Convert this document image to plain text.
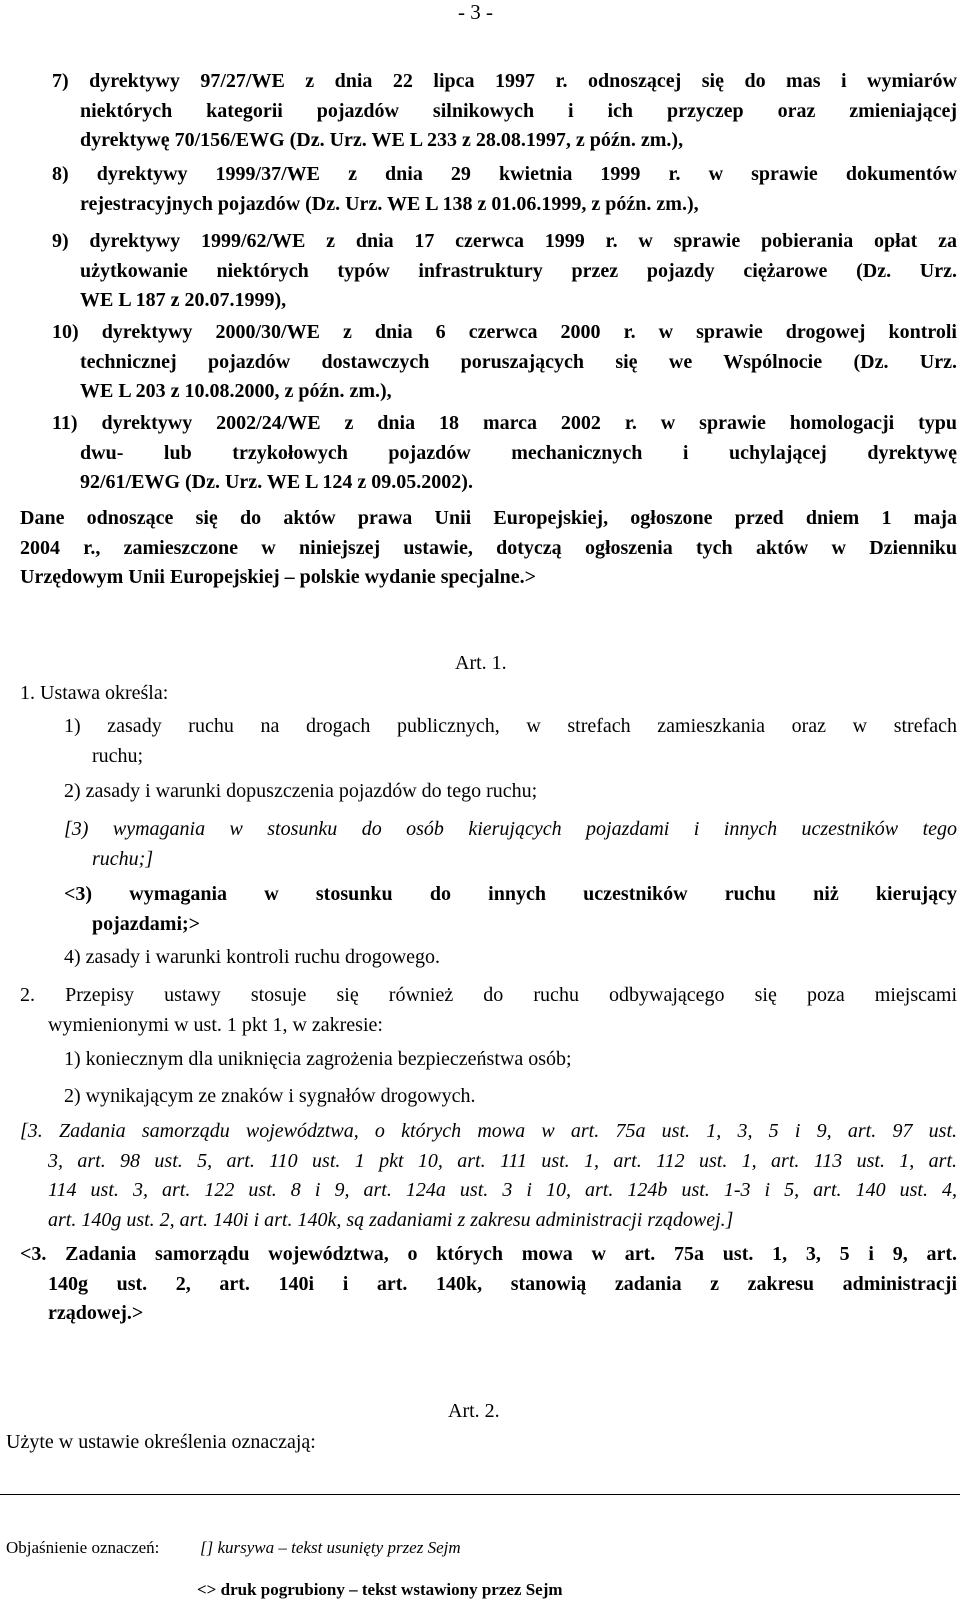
- 3 -
7) dyrektywy 97/27/WE z dnia 22 lipca 1997 r. odnoszącej się do mas i wymiarów
niektórych kategorii pojazdów silnikowych i ich przyczep oraz zmieniającej
dyrektywę 70/156/EWG (Dz. Urz. WE L 233 z 28.08.1997, z późn. zm.),
8) dyrektywy 1999/37/WE z dnia 29 kwietnia 1999 r. w sprawie dokumentów
rejestracyjnych pojazdów (Dz. Urz. WE L 138 z 01.06.1999, z późn. zm.),
9) dyrektywy 1999/62/WE z dnia 17 czerwca 1999 r. w sprawie pobierania opłat za
użytkowanie niektórych typów infrastruktury przez pojazdy ciężarowe (Dz. Urz.
WE L 187 z 20.07.1999),
10) dyrektywy 2000/30/WE z dnia 6 czerwca 2000 r. w sprawie drogowej kontroli
technicznej pojazdów dostawczych poruszających się we Wspólnocie (Dz. Urz.
WE L 203 z 10.08.2000, z późn. zm.),
11) dyrektywy 2002/24/WE z dnia 18 marca 2002 r. w sprawie homologacji typu
dwu- lub trzykołowych pojazdów mechanicznych i uchylającej dyrektywę
92/61/EWG (Dz. Urz. WE L 124 z 09.05.2002).
Dane odnoszące się do aktów prawa Unii Europejskiej, ogłoszone przed dniem 1 maja
2004 r., zamieszczone w niniejszej ustawie, dotyczą ogłoszenia tych aktów w Dzienniku
Urzędowym Unii Europejskiej – polskie wydanie specjalne.>
Art. 1.
1. Ustawa określa:
1) zasady ruchu na drogach publicznych, w strefach zamieszkania oraz w strefach
ruchu;
2) zasady i warunki dopuszczenia pojazdów do tego ruchu;
[3) wymagania w stosunku do osób kierujących pojazdami i innych uczestników tego
ruchu;]
<3) wymagania w stosunku do innych uczestników ruchu niż kierujący
pojazdami;>
4) zasady i warunki kontroli ruchu drogowego.
2. Przepisy ustawy stosuje się również do ruchu odbywającego się poza miejscami
wymienionymi w ust. 1 pkt 1, w zakresie:
1) koniecznym dla uniknięcia zagrożenia bezpieczeństwa osób;
2) wynikającym ze znaków i sygnałów drogowych.
[3. Zadania samorządu województwa, o których mowa w art. 75a ust. 1, 3, 5 i 9, art. 97 ust.
3, art. 98 ust. 5, art. 110 ust. 1 pkt 10, art. 111 ust. 1, art. 112 ust. 1, art. 113 ust. 1, art.
114 ust. 3, art. 122 ust. 8 i 9, art. 124a ust. 3 i 10, art. 124b ust. 1-3 i 5, art. 140 ust. 4,
art. 140g ust. 2, art. 140i i art. 140k, są zadaniami z zakresu administracji rządowej.]
<3. Zadania samorządu województwa, o których mowa w art. 75a ust. 1, 3, 5 i 9, art.
140g ust. 2, art. 140i i art. 140k, stanowią zadania z zakresu administracji
rządowej.>
Art. 2.
Użyte w ustawie określenia oznaczają:
Objaśnienie oznaczeń: [] kursywa – tekst usunięty przez Sejm
<> druk pogrubiony – tekst wstawiony przez Sejm
